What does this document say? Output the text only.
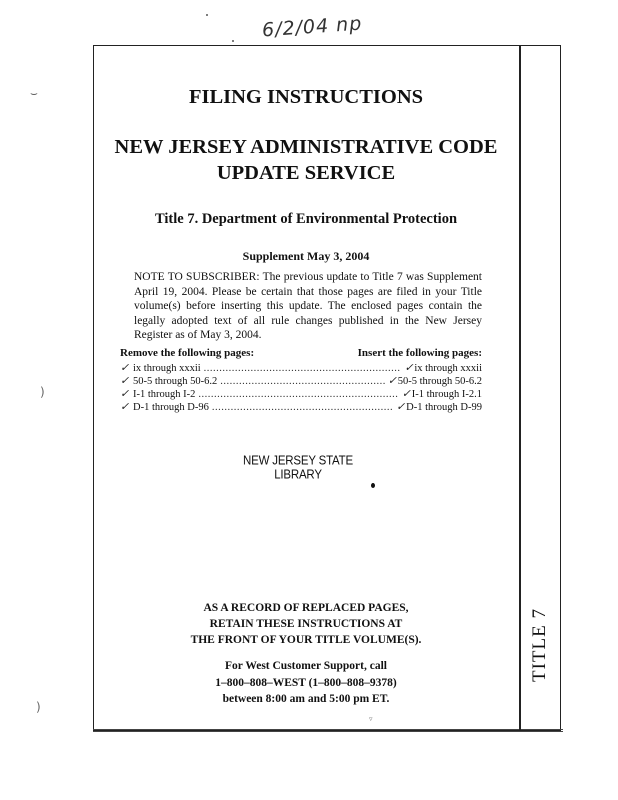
6/2/04 np
⌣
)
)
TITLE 7
FILING INSTRUCTIONS
NEW JERSEY ADMINISTRATIVE CODE
UPDATE SERVICE
Title 7. Department of Environmental Protection
Supplement May 3, 2004
NOTE TO SUBSCRIBER: The previous update to Title 7 was Supplement April 19, 2004. Please be certain that those pages are filed in your Title volume(s) before inserting this update. The enclosed pages contain the legally adopted text of all rule changes published in the New Jersey Register as of May 3, 2004.
Remove the following pages:	Insert the following pages:
✓ ix through xxxii .....	✓ ix through xxxii
✓ 50-5 through 50-6.2 .....	✓ 50-5 through 50-6.2
✓ I-1 through I-2 .....	✓ I-1 through I-2.1
✓ D-1 through D-96 .....	✓ D-1 through D-99
NEW JERSEY STATE LIBRARY
AS A RECORD OF REPLACED PAGES,
RETAIN THESE INSTRUCTIONS AT
THE FRONT OF YOUR TITLE VOLUME(S).
For West Customer Support, call
1–800–808–WEST (1–800–808–9378)
between 8:00 am and 5:00 pm ET.
▿
